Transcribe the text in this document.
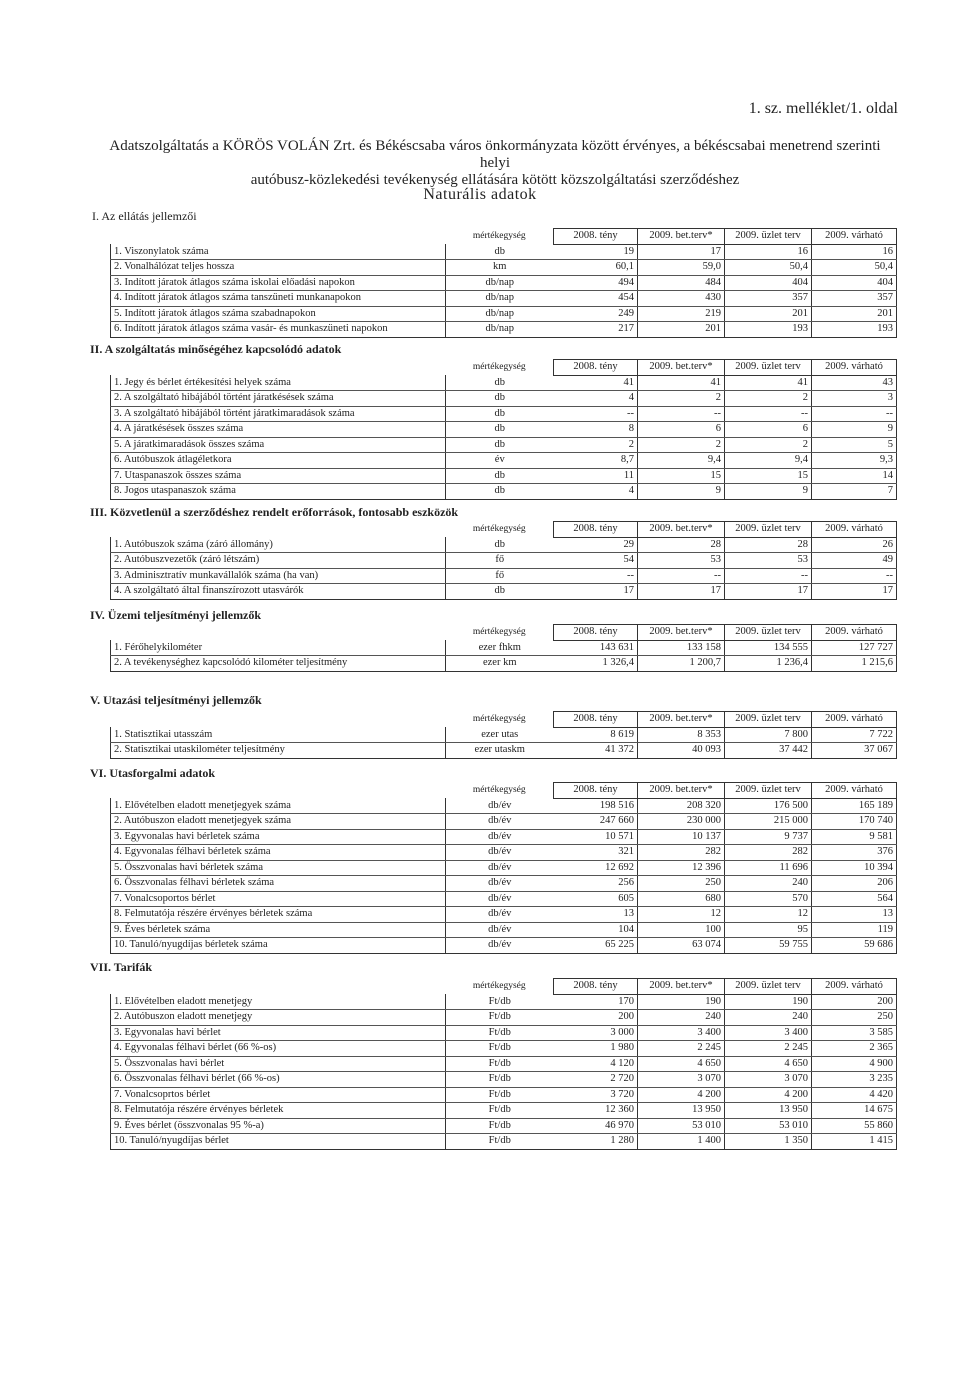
1. sz. melléklet/1. oldal
Adatszolgáltatás a KÖRÖS VOLÁN Zrt. és Békéscsaba város önkormányzata között érvényes, a békéscsabai menetrend szerinti helyi
autóbusz-közlekedési tevékenység ellátására kötött közszolgáltatási szerződéshez
Naturális adatok
I. Az ellátás jellemzői
	mértékegység	2008. tény	2009. bet.terv*	2009. üzlet terv	2009. várható
1. Viszonylatok száma	db	19	17	16	16
2. Vonalhálózat teljes hossza	km	60,1	59,0	50,4	50,4
3. Indított járatok átlagos száma iskolai előadási napokon	db/nap	494	484	404	404
4. Indított járatok átlagos száma tanszüneti munkanapokon	db/nap	454	430	357	357
5. Indított járatok átlagos száma szabadnapokon	db/nap	249	219	201	201
6. Indított járatok átlagos száma vasár- és munkaszüneti napokon	db/nap	217	201	193	193
II. A szolgáltatás minőségéhez kapcsolódó adatok
	mértékegység	2008. tény	2009. bet.terv*	2009. üzlet terv	2009. várható
1. Jegy és bérlet értékesítési helyek száma	db	41	41	41	43
2. A szolgáltató hibájából történt járatkésések száma	db	4	2	2	3
3. A szolgáltató hibájából történt járatkimaradások száma	db	--	--	--	--
4. A járatkésések összes száma	db	8	6	6	9
5. A járatkimaradások összes száma	db	2	2	2	5
6. Autóbuszok átlagéletkora	év	8,7	9,4	9,4	9,3
7. Utaspanaszok összes száma	db	11	15	15	14
8. Jogos utaspanaszok száma	db	4	9	9	7
III. Közvetlenül a szerződéshez rendelt erőforrások, fontosabb eszközök
	mértékegység	2008. tény	2009. bet.terv*	2009. üzlet terv	2009. várható
1. Autóbuszok száma (záró állomány)	db	29	28	28	26
2. Autóbuszvezetők (záró létszám)	fő	54	53	53	49
3. Adminisztratív munkavállalók száma (ha van)	fő	--	--	--	--
4. A szolgáltató által finanszírozott utasvárók	db	17	17	17	17
IV. Üzemi teljesítményi jellemzők
	mértékegység	2008. tény	2009. bet.terv*	2009. üzlet terv	2009. várható
1. Férőhelykilométer	ezer fhkm	143 631	133 158	134 555	127 727
2. A tevékenységhez kapcsolódó kilométer teljesítmény	ezer km	1 326,4	1 200,7	1 236,4	1 215,6
V. Utazási teljesítményi jellemzők
	mértékegység	2008. tény	2009. bet.terv*	2009. üzlet terv	2009. várható
1. Statisztikai utasszám	ezer utas	8 619	8 353	7 800	7 722
2. Statisztikai utaskilométer teljesítmény	ezer utaskm	41 372	40 093	37 442	37 067
VI. Utasforgalmi adatok
	mértékegység	2008. tény	2009. bet.terv*	2009. üzlet terv	2009. várható
1. Elővételben eladott menetjegyek száma	db/év	198 516	208 320	176 500	165 189
2. Autóbuszon eladott menetjegyek száma	db/év	247 660	230 000	215 000	170 740
3. Egyvonalas havi bérletek száma	db/év	10 571	10 137	9 737	9 581
4. Egyvonalas félhavi bérletek száma	db/év	321	282	282	376
5. Összvonalas havi bérletek száma	db/év	12 692	12 396	11 696	10 394
6. Összvonalas félhavi bérletek száma	db/év	256	250	240	206
7. Vonalcsoportos bérlet	db/év	605	680	570	564
8. Felmutatója részére érvényes bérletek száma	db/év	13	12	12	13
9. Éves bérletek száma	db/év	104	100	95	119
10. Tanuló/nyugdíjas bérletek száma	db/év	65 225	63 074	59 755	59 686
VII. Tarifák
	mértékegység	2008. tény	2009. bet.terv*	2009. üzlet terv	2009. várható
1. Elővételben eladott menetjegy	Ft/db	170	190	190	200
2. Autóbuszon eladott menetjegy	Ft/db	200	240	240	250
3. Egyvonalas havi bérlet	Ft/db	3 000	3 400	3 400	3 585
4. Egyvonalas félhavi bérlet (66 %-os)	Ft/db	1 980	2 245	2 245	2 365
5. Összvonalas havi bérlet	Ft/db	4 120	4 650	4 650	4 900
6. Összvonalas félhavi bérlet (66 %-os)	Ft/db	2 720	3 070	3 070	3 235
7. Vonalcsoprtos bérlet	Ft/db	3 720	4 200	4 200	4 420
8. Felmutatója részére érvényes bérletek	Ft/db	12 360	13 950	13 950	14 675
9. Éves bérlet (összvonalas 95 %-a)	Ft/db	46 970	53 010	53 010	55 860
10. Tanuló/nyugdíjas bérlet	Ft/db	1 280	1 400	1 350	1 415
